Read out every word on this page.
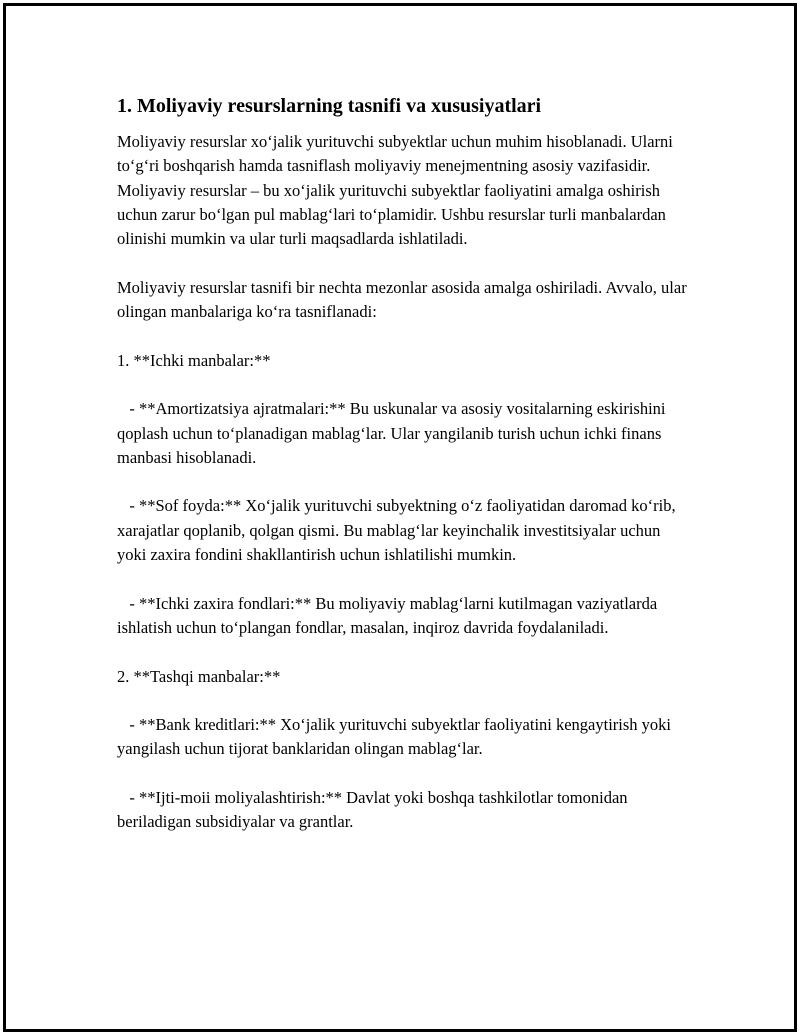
1. Moliyaviy resurslarning tasnifi va xususiyatlari

Moliyaviy resurslar xo‘jalik yurituvchi subyektlar uchun muhim hisoblanadi. Ularni to‘g‘ri boshqarish hamda tasniflash moliyaviy menejmentning asosiy vazifasidir. Moliyaviy resurslar – bu xo‘jalik yurituvchi subyektlar faoliyatini amalga oshirish uchun zarur bo‘lgan pul mablag‘lari to‘plamidir. Ushbu resurslar turli manbalardan olinishi mumkin va ular turli maqsadlarda ishlatiladi.

Moliyaviy resurslar tasnifi bir nechta mezonlar asosida amalga oshiriladi. Avvalo, ular olingan manbalariga ko‘ra tasniflanadi:

1. **Ichki manbalar:**

- **Amortizatsiya ajratmalari:** Bu uskunalar va asosiy vositalarning eskirishini qoplash uchun to‘planadigan mablag‘lar. Ular yangilanib turish uchun ichki finans manbasi hisoblanadi.

- **Sof foyda:** Xo‘jalik yurituvchi subyektning o‘z faoliyatidan daromad ko‘rib, xarajatlar qoplanib, qolgan qismi. Bu mablag‘lar keyinchalik investitsiyalar uchun yoki zaxira fondini shakllantirish uchun ishlatilishi mumkin.

- **Ichki zaxira fondlari:** Bu moliyaviy mablag‘larni kutilmagan vaziyatlarda ishlatish uchun to‘plangan fondlar, masalan, inqiroz davrida foydalaniladi.

2. **Tashqi manbalar:**

- **Bank kreditlari:** Xo‘jalik yurituvchi subyektlar faoliyatini kengaytirish yoki yangilash uchun tijorat banklaridan olingan mablag‘lar.

- **Ijti-moii moliyalashtirish:** Davlat yoki boshqa tashkilotlar tomonidan beriladigan subsidiyalar va grantlar.
